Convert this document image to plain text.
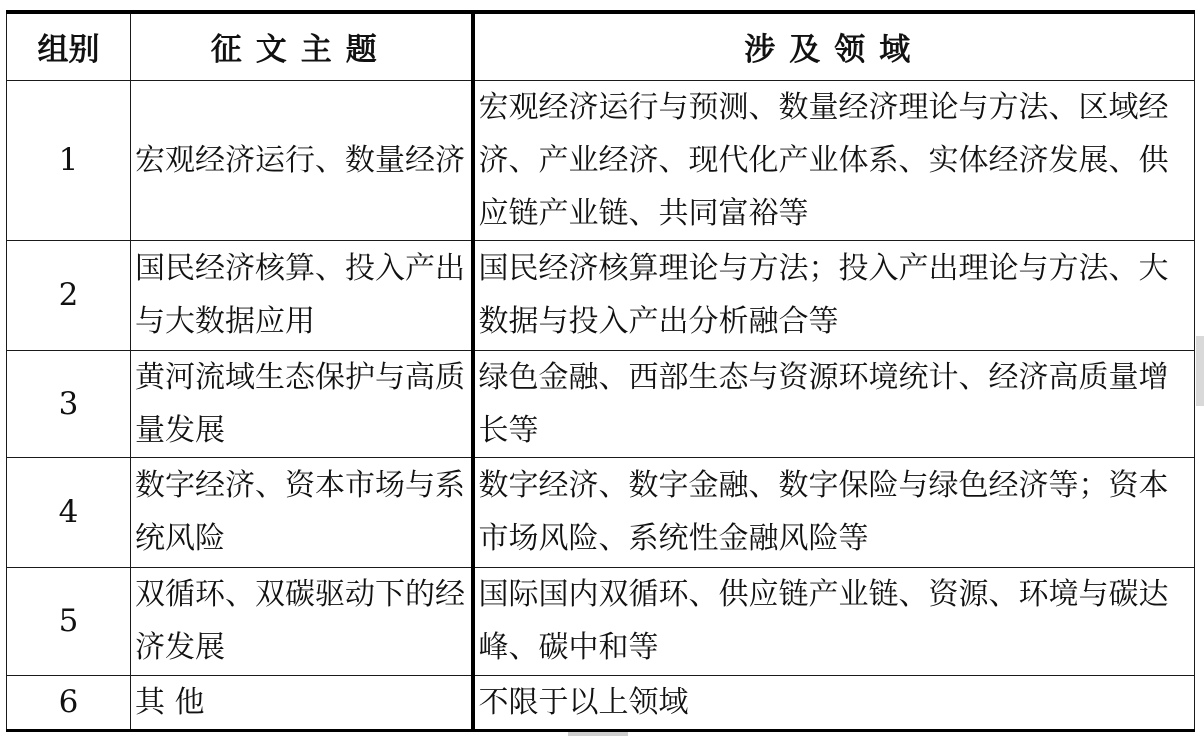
组别	征文主题	涉及领域
1	宏观经济运行、数量经济	宏观经济运行与预测、数量经济理论与方法、区域经济、产业经济、现代化产业体系、实体经济发展、供应链产业链、共同富裕等
2	国民经济核算、投入产出与大数据应用	国民经济核算理论与方法；投入产出理论与方法、大数据与投入产出分析融合等
3	黄河流域生态保护与高质量发展	绿色金融、西部生态与资源环境统计、经济高质量增长等
4	数字经济、资本市场与系统风险	数字经济、数字金融、数字保险与绿色经济等；资本市场风险、系统性金融风险等
5	双循环、双碳驱动下的经济发展	国际国内双循环、供应链产业链、资源、环境与碳达峰、碳中和等
6	其 他	不限于以上领域
